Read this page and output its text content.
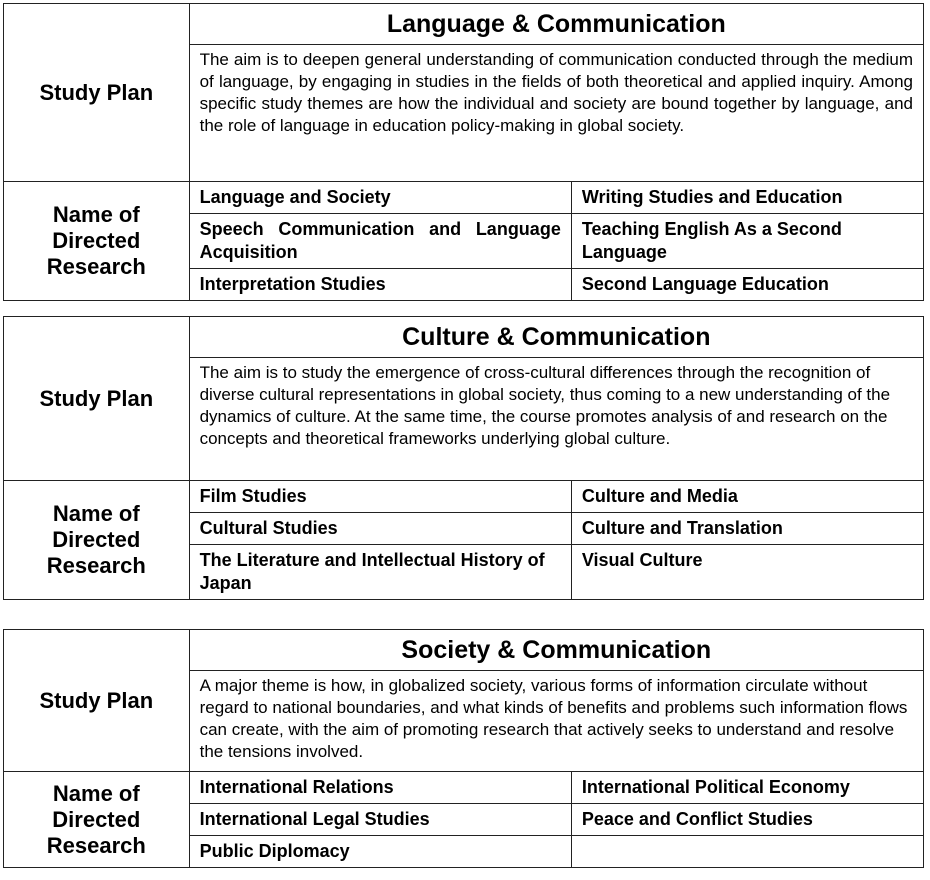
Study Plan	Language & Communication	
	The aim is to deepen general understanding of communication conducted through the medium of language, by engaging in studies in the fields of both theoretical and applied inquiry. Among specific study themes are how the individual and society are bound together by language, and the role of language in education policy-making in global society.	

Name of
Directed
Research	Language and Society	Writing Studies and Education
	Speech Communication and Language Acquisition	Teaching English As a Second Language
	Interpretation Studies	Second Language Education
Study Plan	Culture & Communication	
	The aim is to study the emergence of cross-cultural differences through the recognition of diverse cultural representations in global society, thus coming to a new understanding of the dynamics of culture. At the same time, the course promotes analysis of and research on the concepts and theoretical frameworks underlying global culture.	

Name of
Directed
Research	Film Studies	Culture and Media
	Cultural Studies	Culture and Translation
	The Literature and Intellectual History of Japan	Visual Culture
Study Plan	Society & Communication	
	A major theme is how, in globalized society, various forms of information circulate without regard to national boundaries, and what kinds of benefits and problems such information flows can create, with the aim of promoting research that actively seeks to understand and resolve the tensions involved.	

Name of
Directed
Research	International Relations	International Political Economy
	International Legal Studies	Peace and Conflict Studies
	Public Diplomacy	
